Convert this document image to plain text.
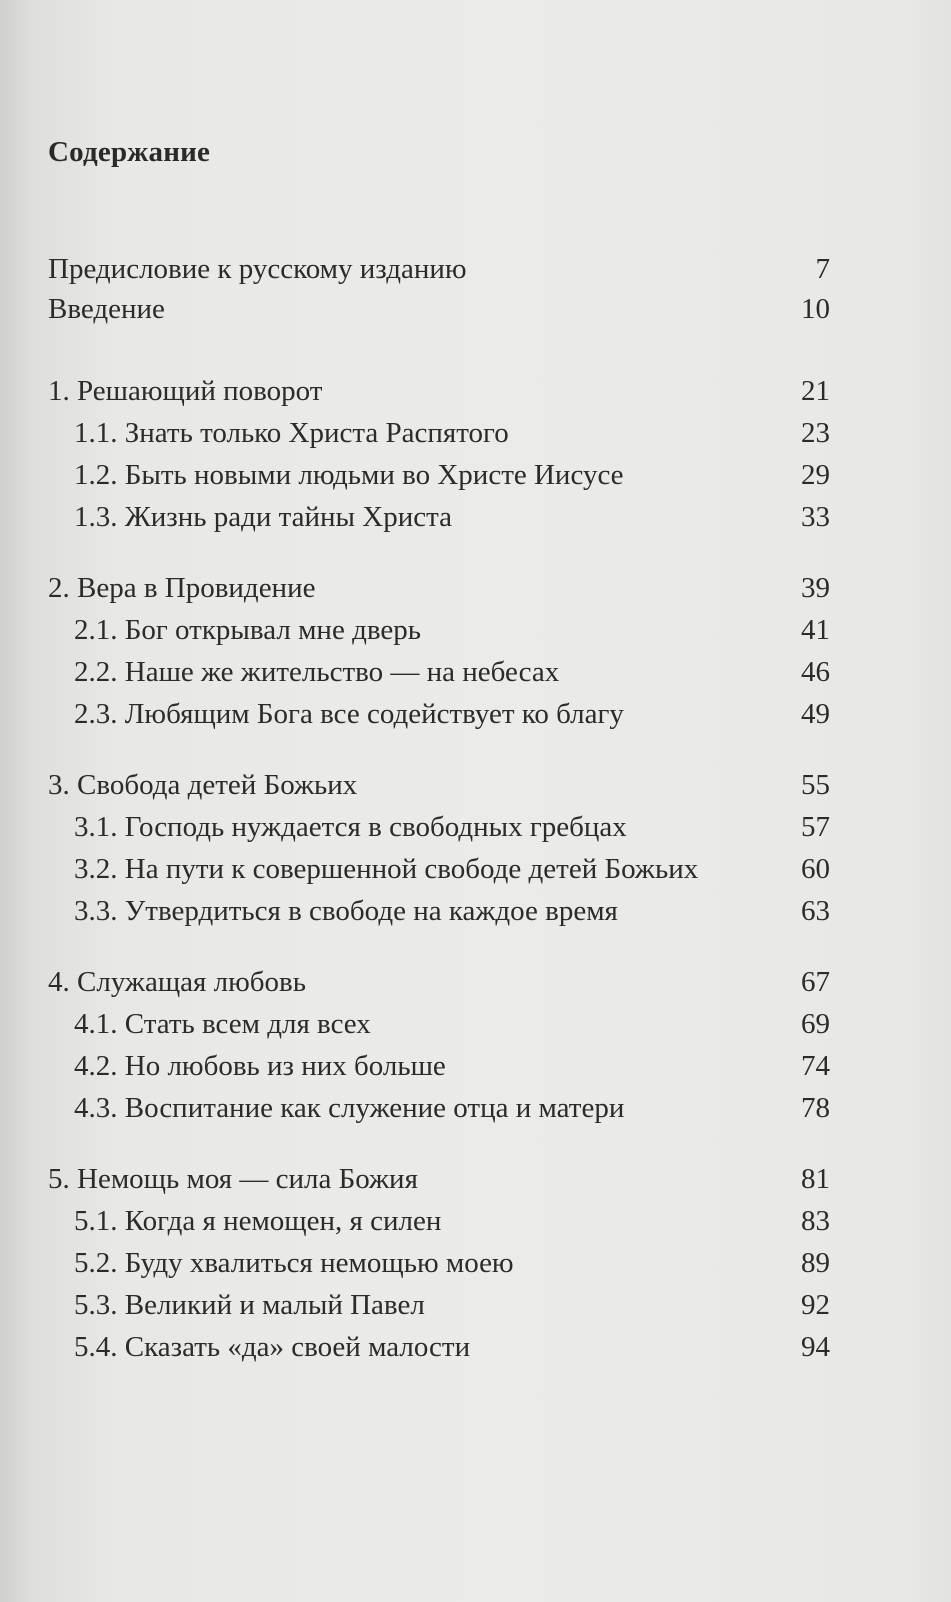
Содержание
Предисловие к русскому изданию	7
Введение	10
1. Решающий поворот	21
1.1. Знать только Христа Распятого	23
1.2. Быть новыми людьми во Христе Иисусе	29
1.3. Жизнь ради тайны Христа	33
2. Вера в Провидение	39
2.1. Бог открывал мне дверь	41
2.2. Наше же жительство — на небесах	46
2.3. Любящим Бога все содействует ко благу	49
3. Свобода детей Божьих	55
3.1. Господь нуждается в свободных гребцах	57
3.2. На пути к совершенной свободе детей Божьих	60
3.3. Утвердиться в свободе на каждое время	63
4. Служащая любовь	67
4.1. Стать всем для всех	69
4.2. Но любовь из них больше	74
4.3. Воспитание как служение отца и матери	78
5. Немощь моя — сила Божия	81
5.1. Когда я немощен, я силен	83
5.2. Буду хвалиться немощью моею	89
5.3. Великий и малый Павел	92
5.4. Сказать «да» своей малости	94
